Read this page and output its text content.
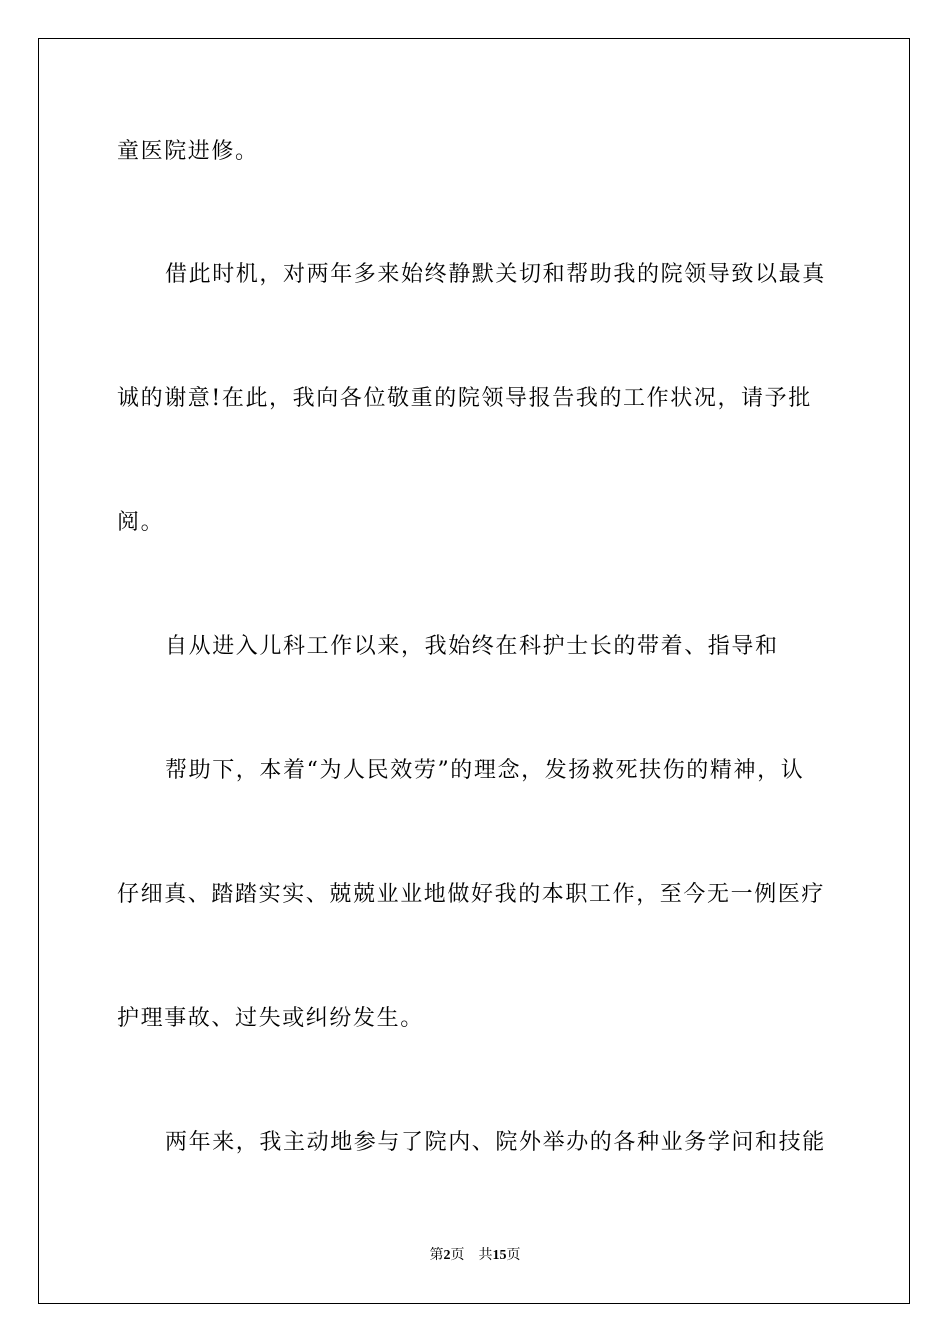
童医院进修。
借此时机，对两年多来始终静默关切和帮助我的院领导致以最真
诚的谢意!在此，我向各位敬重的院领导报告我的工作状况，请予批
阅。
自从进入儿科工作以来，我始终在科护士长的带着、指导和
帮助下，本着“为人民效劳”的理念，发扬救死扶伤的精神，认
仔细真、踏踏实实、兢兢业业地做好我的本职工作，至今无一例医疗
护理事故、过失或纠纷发生。
两年来，我主动地参与了院内、院外举办的各种业务学问和技能
第2页 共15页
